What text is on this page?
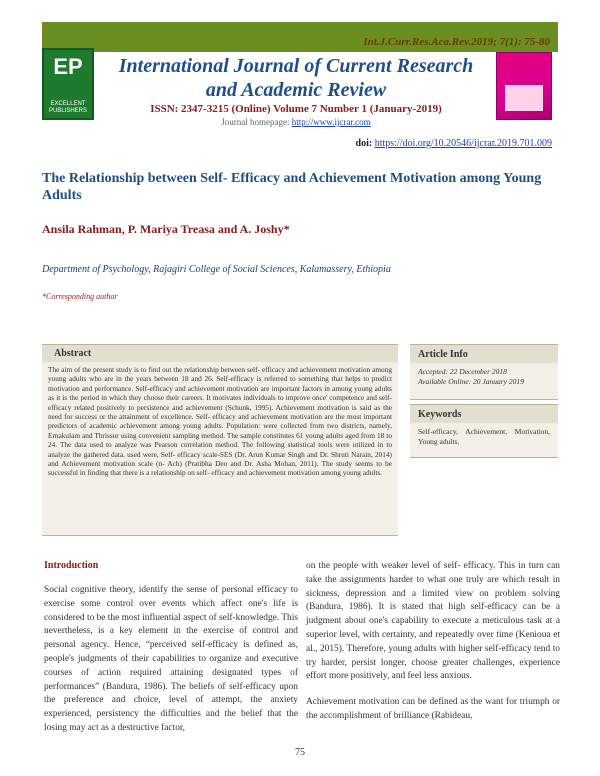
Int.J.Curr.Res.Aca.Rev.2019; 7(1): 75-80
EP
EXCELLENT PUBLISHERS
International Journal of Current Research
and Academic Review
ISSN: 2347-3215 (Online) Volume 7 Number 1 (January-2019)
Journal homepage: http://www.ijcrar.com
doi: https://doi.org/10.20546/ijcrar.2019.701.009
The Relationship between Self- Efficacy and Achievement Motivation among Young Adults
Ansila Rahman, P. Mariya Treasa and A. Joshy*
Department of Psychology, Rajagiri College of Social Sciences, Kalamassery, Ethiopia
*Corresponding author
Abstract
The aim of the present study is to find out the relationship between self- efficacy and achievement motivation among young adults who are in the years between 18 and 26. Self-efficacy is referred to something that helps to predict motivation and performance. Self-efficacy and achievement motivation are important factors in among young adults as it is the period in which they choose their careers. It motivates individuals to improve once' competence and self-efficacy related positively to persistence and achievement (Schunk, 1995). Achievement motivation is said as the need for success or the attainment of excellence. Self- efficacy and achievement motivation are the most important predictors of academic achievement among young adults. Population: were collected from two districts, namely, Ernakulam and Thrissur using convenient sampling method. The sample constitutes 61 young adults aged from 18 to 24. The data used to analyze was Pearson correlation method. The following statistical tools were utilized in to analyze the gathered data. used were, Self- efficacy scale-SES (Dr. Arun Kumar Singh and Dr. Shruti Narain, 2014) and Achievement motivation scale (n- Ach) (Pratibha Deo and Dr. Asha Mohan, 2011). The study seems to be successful in finding that there is a relationship on self- efficacy and achievement motivation among young adults.
Article Info
Accepted: 22 December 2018
Available Online: 20 January 2019
Keywords
Self-efficacy, Achievement, Motivation, Young adults.
Introduction

Social cognitive theory, identify the sense of personal efficacy to exercise some control over events which affect one's life is considered to be the most influential aspect of self-knowledge. This nevertheless, is a key element in the exercise of control and personal agency. Hence, “perceived self-efficacy is defined as, people's judgments of their capabilities to organize and executive courses of action required attaining designated types of performances” (Bandura, 1986). The beliefs of self-efficacy upon the preference and choice, level of attempt, the anxiety experienced, persistency the difficulties and the belief that the losing may act as a destructive factor,

on the people with weaker level of self- efficacy. This in turn can take the assignments harder to what one truly are which result in sickness, depression and a limited view on problem solving (Bandura, 1986). It is stated that high self-efficacy can be a judgment about one's capability to execute a meticulous task at a superior level, with certainty, and repeatedly over time (Kenioua et al., 2015). Therefore, young adults with higher self-efficacy tend to try harder, persist longer, choose greater challenges, experience effort more positively, and feel less anxious.

Achievement motivation can be defined as the want for triumph or the accomplishment of brilliance (Rabideau,

75
